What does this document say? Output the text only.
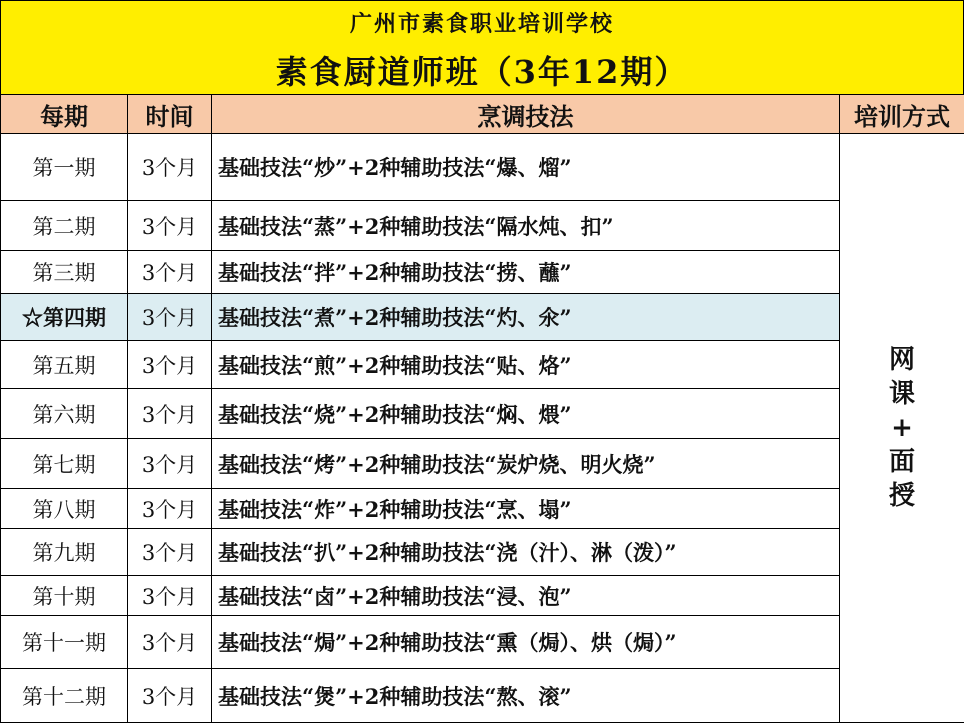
广州市素食职业培训学校
素食厨道师班（3年12期）
每期	时间	烹调技法	培训方式
第一期	3个月	基础技法“炒”+2种辅助技法“爆、熘”	网
课
+
面
授

第二期	3个月	基础技法“蒸”+2种辅助技法“隔水炖、扣”	
第三期	3个月	基础技法“拌”+2种辅助技法“捞、蘸”	
☆第四期	3个月	基础技法“煮”+2种辅助技法“灼、氽”	
第五期	3个月	基础技法“煎”+2种辅助技法“贴、烙”	
第六期	3个月	基础技法“烧”+2种辅助技法“焖、煨”	
第七期	3个月	基础技法“烤”+2种辅助技法“炭炉烧、明火烧”	
第八期	3个月	基础技法“炸”+2种辅助技法“烹、塌”	
第九期	3个月	基础技法“扒”+2种辅助技法“浇（汁）、淋（泼）”	
第十期	3个月	基础技法“卤”+2种辅助技法“浸、泡”	
第十一期	3个月	基础技法“焗”+2种辅助技法“熏（焗）、烘（焗）”	
第十二期	3个月	基础技法“煲”+2种辅助技法“熬、滚”	
